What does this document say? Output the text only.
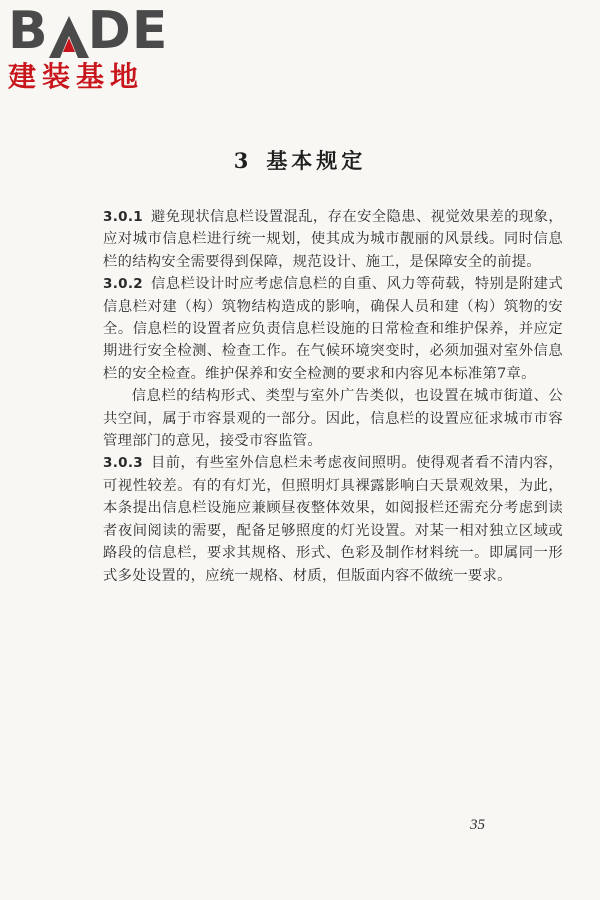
B D E
建装基地
3 基本规定

3.0.1 避免现状信息栏设置混乱，存在安全隐患、视觉效果差的现象，应对城市信息栏进行统一规划，使其成为城市靓丽的风景线。同时信息栏的结构安全需要得到保障，规范设计、施工，是保障安全的前提。

3.0.2 信息栏设计时应考虑信息栏的自重、风力等荷载，特别是附建式信息栏对建（构）筑物结构造成的影响，确保人员和建（构）筑物的安全。信息栏的设置者应负责信息栏设施的日常检查和维护保养，并应定期进行安全检测、检查工作。在气候环境突变时，必须加强对室外信息栏的安全检查。维护保养和安全检测的要求和内容见本标准第7章。

信息栏的结构形式、类型与室外广告类似，也设置在城市街道、公共空间，属于市容景观的一部分。因此，信息栏的设置应征求城市市容管理部门的意见，接受市容监管。

3.0.3 目前，有些室外信息栏未考虑夜间照明。使得观者看不清内容，可视性较差。有的有灯光，但照明灯具裸露影响白天景观效果，为此，本条提出信息栏设施应兼顾昼夜整体效果，如阅报栏还需充分考虑到读者夜间阅读的需要，配备足够照度的灯光设置。对某一相对独立区域或路段的信息栏，要求其规格、形式、色彩及制作材料统一。即属同一形式多处设置的，应统一规格、材质，但版面内容不做统一要求。

35
